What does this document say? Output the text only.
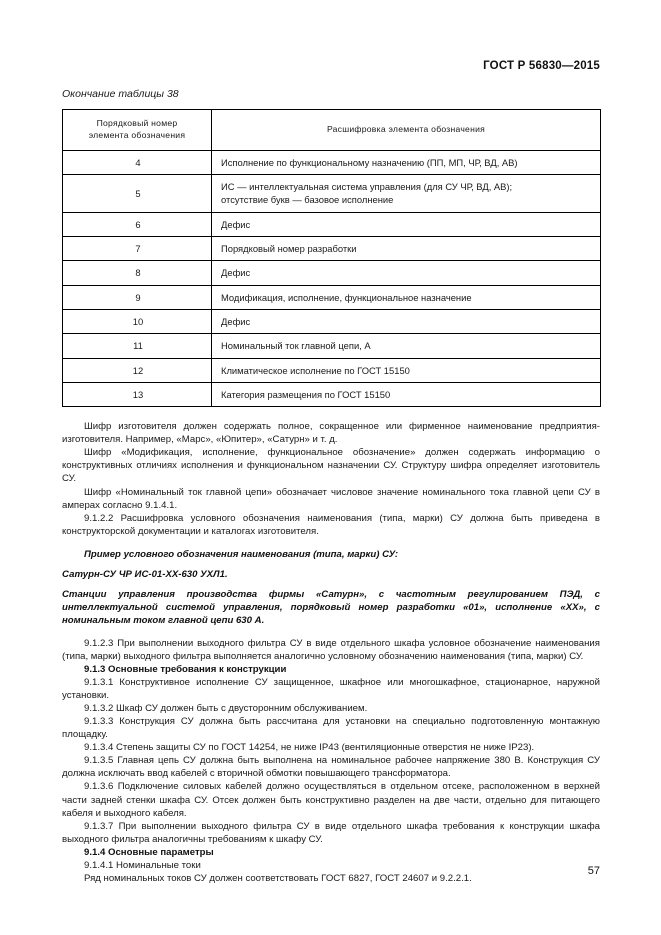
ГОСТ Р 56830—2015

Окончание таблицы 38

Порядковый номер
элемента обозначения	Расшифровка элемента обозначения
4	Исполнение по функциональному назначению (ПП, МП, ЧР, ВД, АВ)
5	ИС — интеллектуальная система управления (для СУ ЧР, ВД, АВ);
отсутствие букв — базовое исполнение

6	Дефис
7	Порядковый номер разработки
8	Дефис
9	Модификация, исполнение, функциональное назначение
10	Дефис
11	Номинальный ток главной цепи, А
12	Климатическое исполнение по ГОСТ 15150
13	Категория размещения по ГОСТ 15150

Шифр изготовителя должен содержать полное, сокращенное или фирменное наименование предприятия-изготовителя. Например, «Марс», «Юпитер», «Сатурн» и т. д.

Шифр «Модификация, исполнение, функциональное обозначение» должен содержать информацию о конструктивных отличиях исполнения и функциональном назначении СУ. Структуру шифра определяет изготовитель СУ.

Шифр «Номинальный ток главной цепи» обозначает числовое значение номинального тока главной цепи СУ в амперах согласно 9.1.4.1.

9.1.2.2 Расшифровка условного обозначения наименования (типа, марки) СУ должна быть приведена в конструкторской документации и каталогах изготовителя.

Пример условного обозначения наименования (типа, марки) СУ:

Сатурн-СУ ЧР ИС-01-ХХ-630 УХЛ1.

Станции управления производства фирмы «Сатурн», с частотным регулированием ПЭД, с интеллектуальной системой управления, порядковый номер разработки «01», исполнение «ХХ», с номинальным током главной цепи 630 А.

9.1.2.3 При выполнении выходного фильтра СУ в виде отдельного шкафа условное обозначение наименования (типа, марки) выходного фильтра выполняется аналогично условному обозначению наименования (типа, марки) СУ.

9.1.3 Основные требования к конструкции

9.1.3.1 Конструктивное исполнение СУ защищенное, шкафное или многошкафное, стационарное, наружной установки.

9.1.3.2 Шкаф СУ должен быть с двусторонним обслуживанием.

9.1.3.3 Конструкция СУ должна быть рассчитана для установки на специально подготовленную монтажную площадку.

9.1.3.4 Степень защиты СУ по ГОСТ 14254, не ниже IP43 (вентиляционные отверстия не ниже IP23).

9.1.3.5 Главная цепь СУ должна быть выполнена на номинальное рабочее напряжение 380 В. Конструкция СУ должна исключать ввод кабелей с вторичной обмотки повышающего трансформатора.

9.1.3.6 Подключение силовых кабелей должно осуществляться в отдельном отсеке, расположенном в верхней части задней стенки шкафа СУ. Отсек должен быть конструктивно разделен на две части, отдельно для питающего кабеля и выходного кабеля.

9.1.3.7 При выполнении выходного фильтра СУ в виде отдельного шкафа требования к конструкции шкафа выходного фильтра аналогичны требованиям к шкафу СУ.

9.1.4 Основные параметры

9.1.4.1 Номинальные токи

Ряд номинальных токов СУ должен соответствовать ГОСТ 6827, ГОСТ 24607 и 9.2.2.1.

57
